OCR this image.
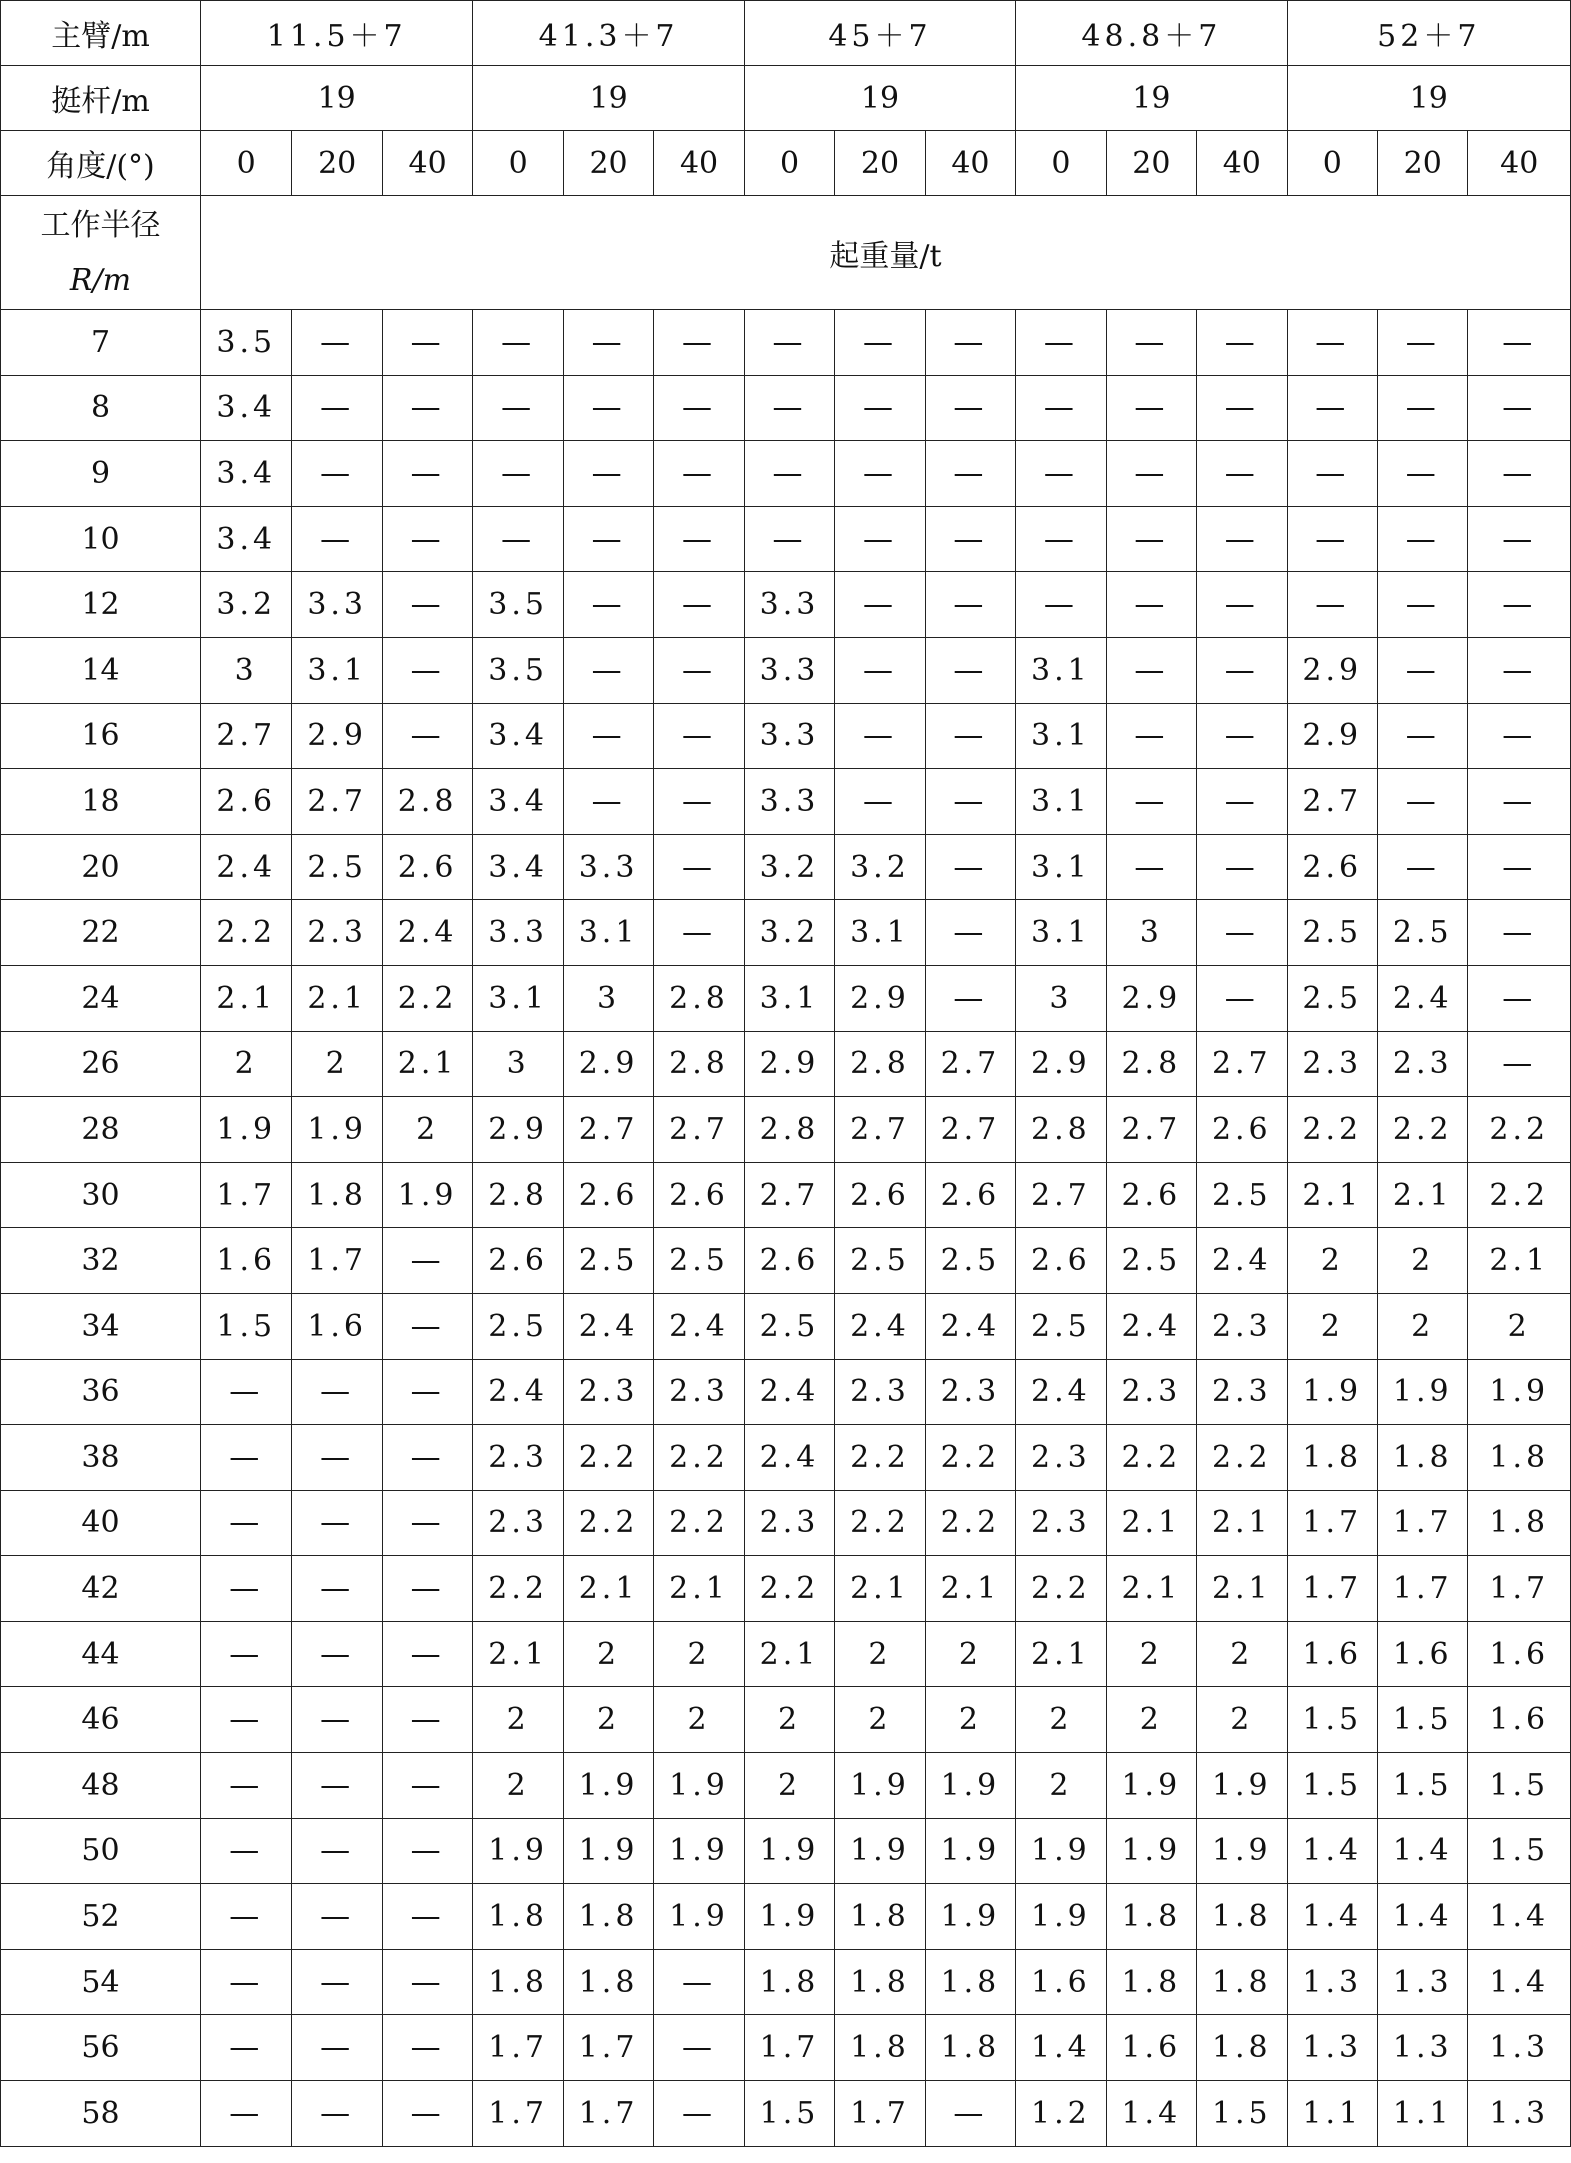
主臂/m	11.5＋7			41.3＋7			45＋7			48.8＋7			52＋7		
挺杆/m	19			19			19			19			19		
角度/(°)	0	20	40	0	20	40	0	20	40	0	20	40	0	20	40
工作半径
R/m	起重量/t														
7	3.5	—	—	—	—	—	—	—	—	—	—	—	—	—	—
8	3.4	—	—	—	—	—	—	—	—	—	—	—	—	—	—
9	3.4	—	—	—	—	—	—	—	—	—	—	—	—	—	—
10	3.4	—	—	—	—	—	—	—	—	—	—	—	—	—	—
12	3.2	3.3	—	3.5	—	—	3.3	—	—	—	—	—	—	—	—
14	3	3.1	—	3.5	—	—	3.3	—	—	3.1	—	—	2.9	—	—
16	2.7	2.9	—	3.4	—	—	3.3	—	—	3.1	—	—	2.9	—	—
18	2.6	2.7	2.8	3.4	—	—	3.3	—	—	3.1	—	—	2.7	—	—
20	2.4	2.5	2.6	3.4	3.3	—	3.2	3.2	—	3.1	—	—	2.6	—	—
22	2.2	2.3	2.4	3.3	3.1	—	3.2	3.1	—	3.1	3	—	2.5	2.5	—
24	2.1	2.1	2.2	3.1	3	2.8	3.1	2.9	—	3	2.9	—	2.5	2.4	—
26	2	2	2.1	3	2.9	2.8	2.9	2.8	2.7	2.9	2.8	2.7	2.3	2.3	—
28	1.9	1.9	2	2.9	2.7	2.7	2.8	2.7	2.7	2.8	2.7	2.6	2.2	2.2	2.2
30	1.7	1.8	1.9	2.8	2.6	2.6	2.7	2.6	2.6	2.7	2.6	2.5	2.1	2.1	2.2
32	1.6	1.7	—	2.6	2.5	2.5	2.6	2.5	2.5	2.6	2.5	2.4	2	2	2.1
34	1.5	1.6	—	2.5	2.4	2.4	2.5	2.4	2.4	2.5	2.4	2.3	2	2	2
36	—	—	—	2.4	2.3	2.3	2.4	2.3	2.3	2.4	2.3	2.3	1.9	1.9	1.9
38	—	—	—	2.3	2.2	2.2	2.4	2.2	2.2	2.3	2.2	2.2	1.8	1.8	1.8
40	—	—	—	2.3	2.2	2.2	2.3	2.2	2.2	2.3	2.1	2.1	1.7	1.7	1.8
42	—	—	—	2.2	2.1	2.1	2.2	2.1	2.1	2.2	2.1	2.1	1.7	1.7	1.7
44	—	—	—	2.1	2	2	2.1	2	2	2.1	2	2	1.6	1.6	1.6
46	—	—	—	2	2	2	2	2	2	2	2	2	1.5	1.5	1.6
48	—	—	—	2	1.9	1.9	2	1.9	1.9	2	1.9	1.9	1.5	1.5	1.5
50	—	—	—	1.9	1.9	1.9	1.9	1.9	1.9	1.9	1.9	1.9	1.4	1.4	1.5
52	—	—	—	1.8	1.8	1.9	1.9	1.8	1.9	1.9	1.8	1.8	1.4	1.4	1.4
54	—	—	—	1.8	1.8	—	1.8	1.8	1.8	1.6	1.8	1.8	1.3	1.3	1.4
56	—	—	—	1.7	1.7	—	1.7	1.8	1.8	1.4	1.6	1.8	1.3	1.3	1.3
58	—	—	—	1.7	1.7	—	1.5	1.7	—	1.2	1.4	1.5	1.1	1.1	1.3
